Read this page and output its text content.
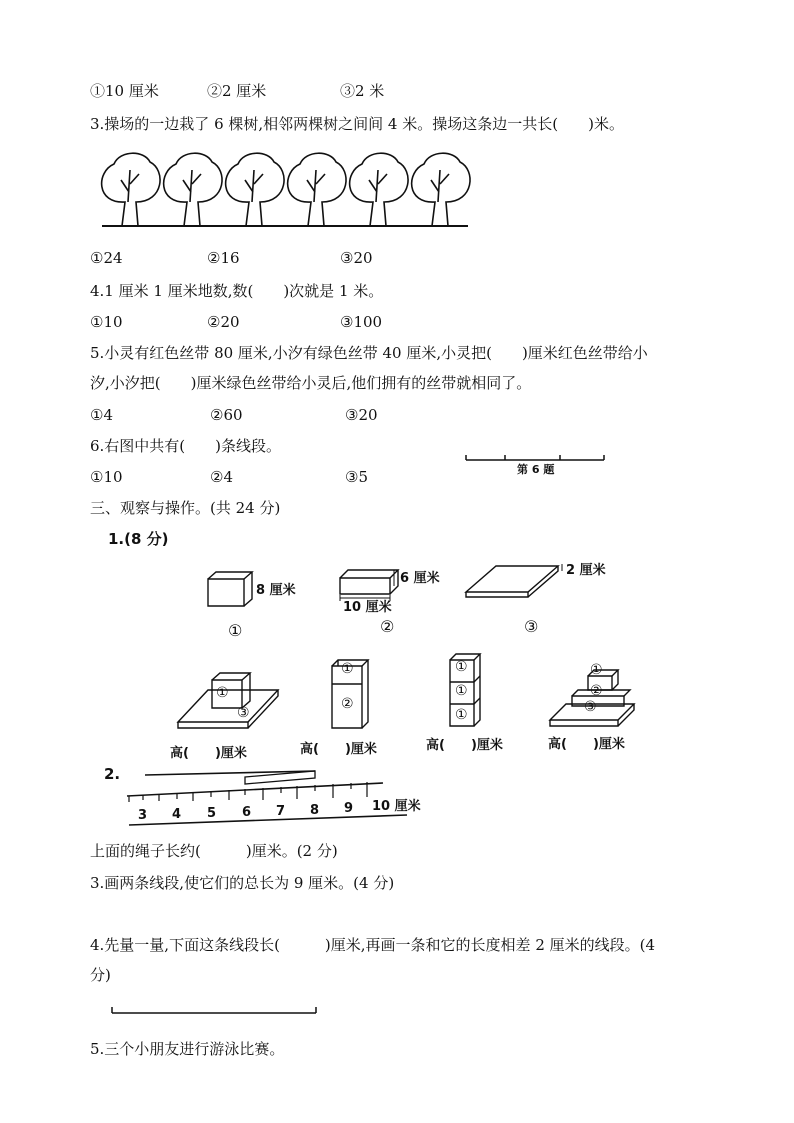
①10 厘米	②2 厘米	③2 米
3.操场的一边栽了 6 棵树,相邻两棵树之间间 4 米。操场这条边一共长(　　)米。
①24	②16	③20
4.1 厘米 1 厘米地数,数(　　)次就是 1 米。
①10	②20	③100
5.小灵有红色丝带 80 厘米,小汐有绿色丝带 40 厘米,小灵把(　　)厘米红色丝带给小
汐,小汐把(　　)厘米绿色丝带给小灵后,他们拥有的丝带就相同了。
①4	②60	③20
6.右图中共有(　　)条线段。
①10	②4	③5	第 6 题
三、观察与操作。(共 24 分)
1.(8 分)
8 厘米
6 厘米
10 厘米
2 厘米
①	②	③
①
③
①
②
①
①
①
①
②
③
高(　　)厘米	高(　　)厘米	高(　　)厘米	高(　　)厘米
2.
3 4 5 6 7 8 9 10 厘米
上面的绳子长约(　　　)厘米。(2 分)
3.画两条线段,使它们的总长为 9 厘米。(4 分)
4.先量一量,下面这条线段长(　　　)厘米,再画一条和它的长度相差 2 厘米的线段。(4
分)
5.三个小朋友进行游泳比赛。
